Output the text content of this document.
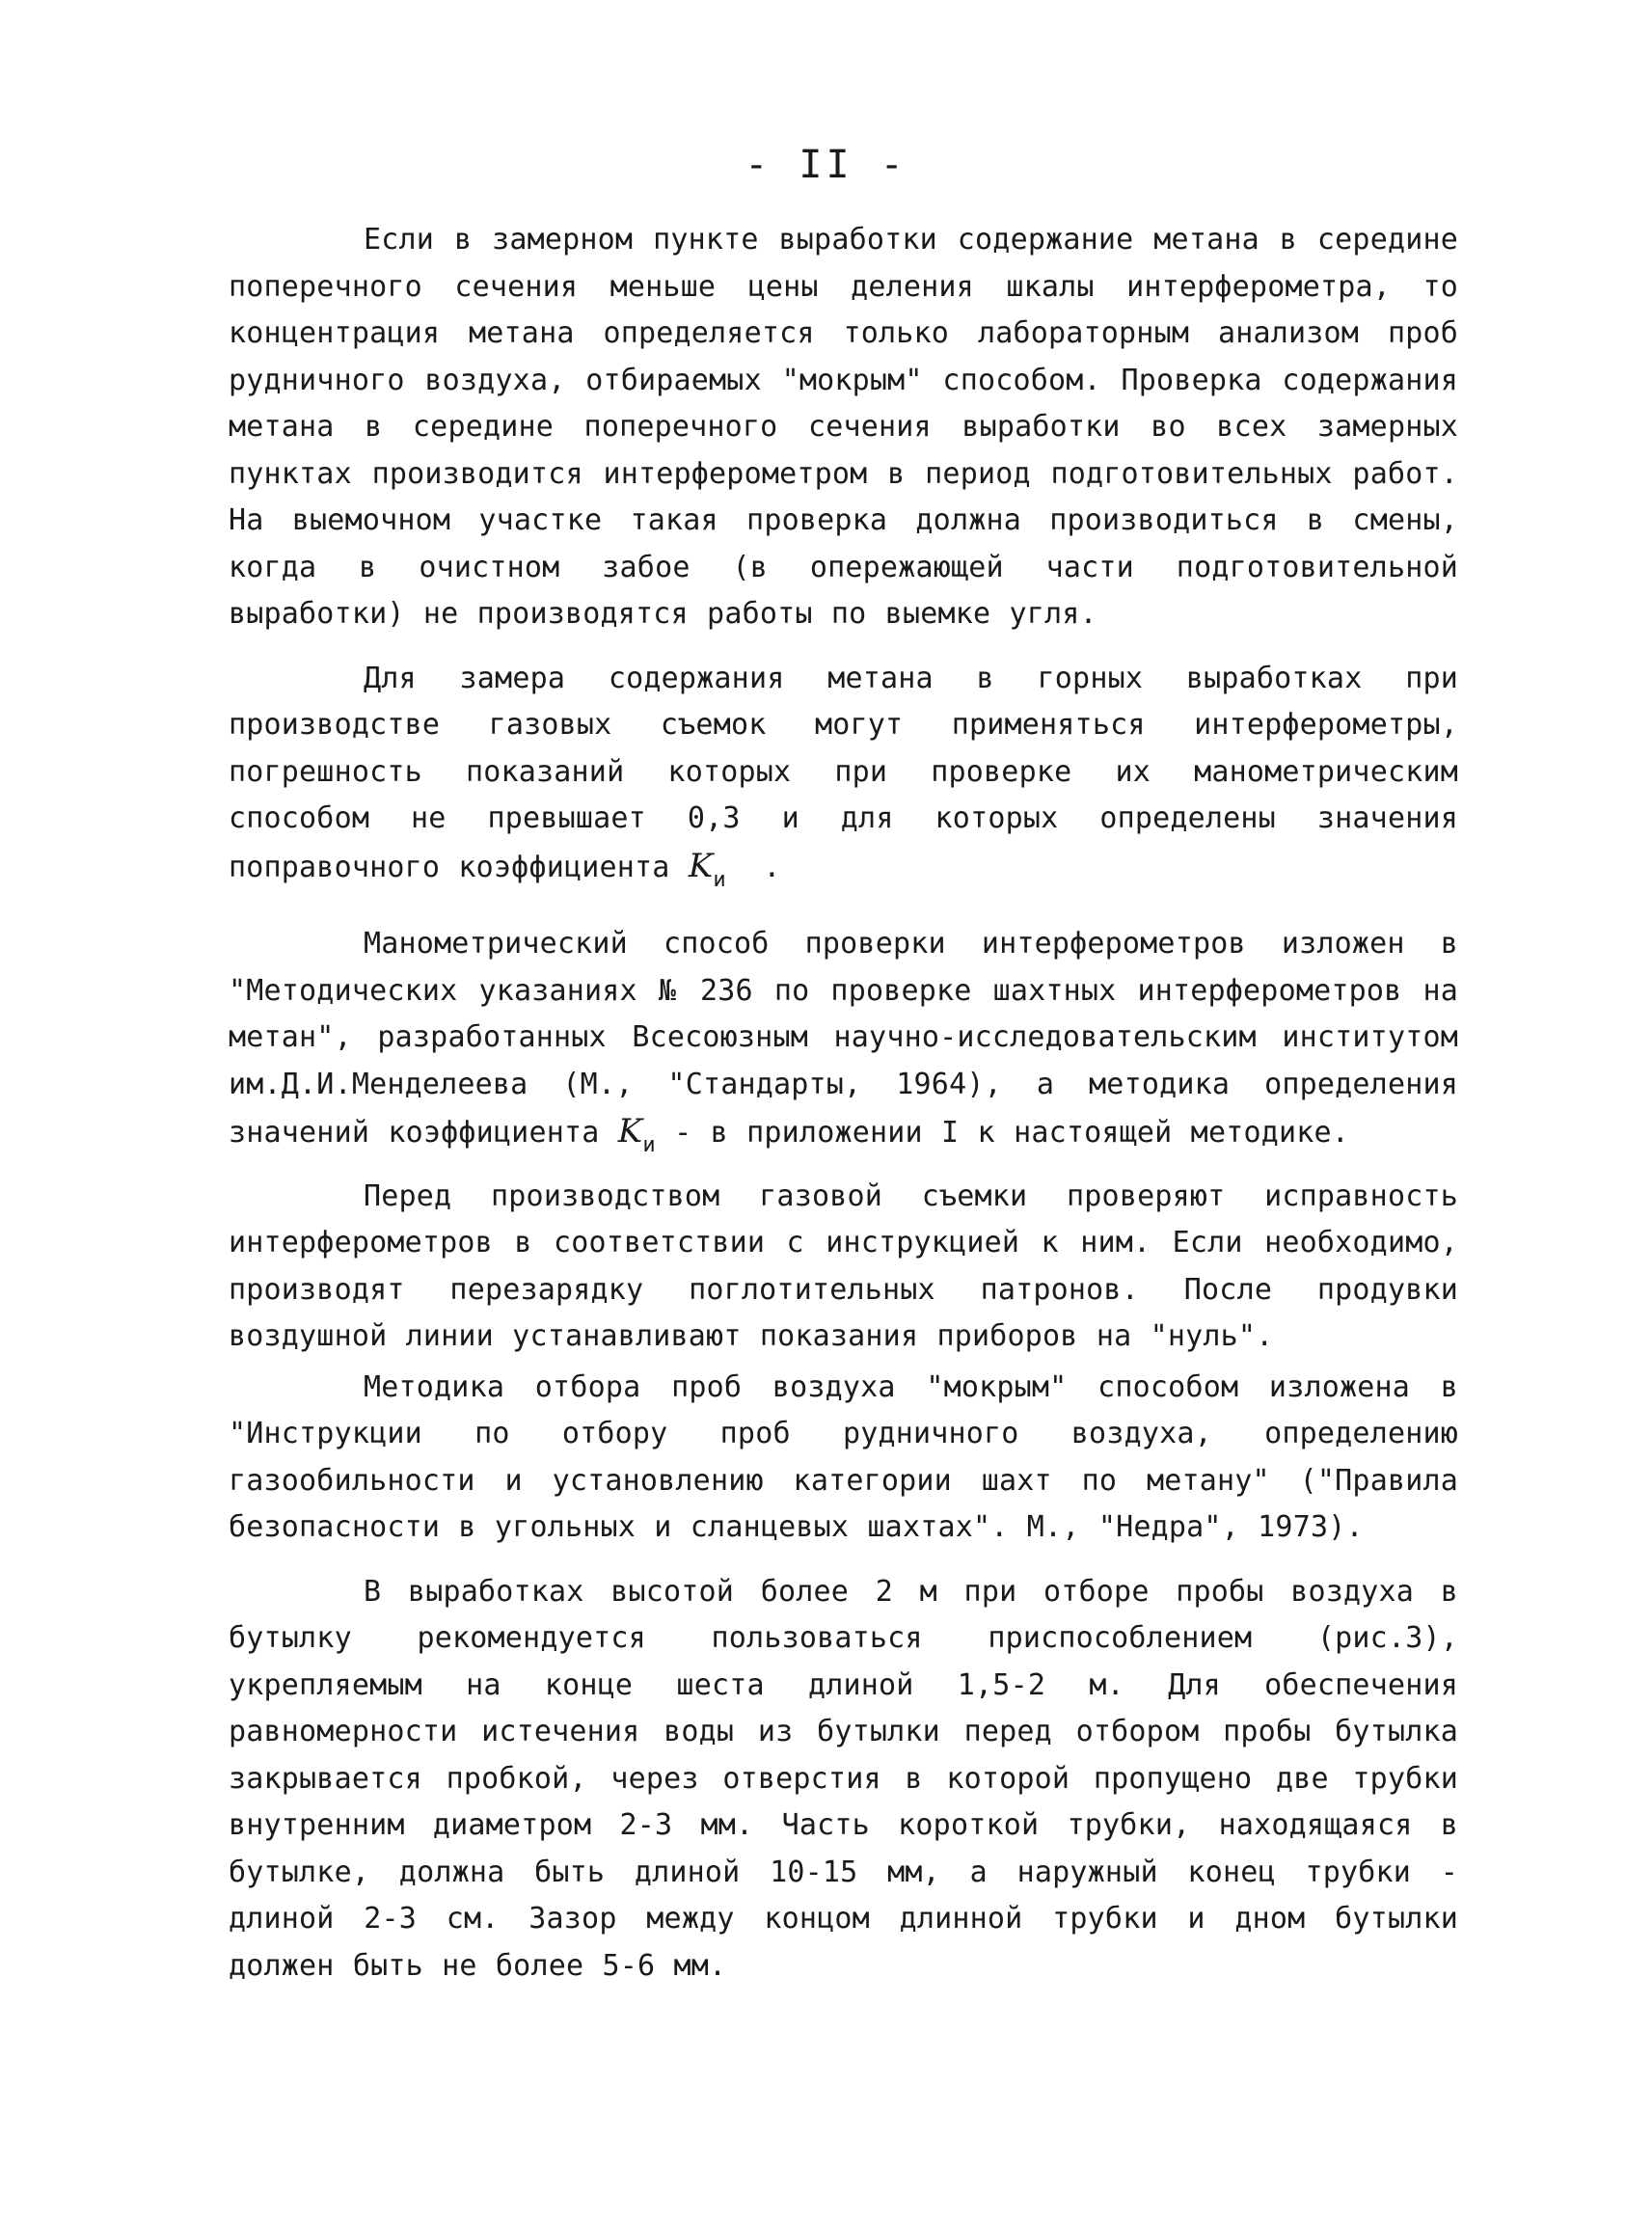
- II -

Если в замерном пункте выработки содержание метана в середине поперечного сечения меньше цены деления шкалы интерферометра, то концентрация метана определяется только лабораторным анализом проб рудничного воздуха, отбираемых "мокрым" способом. Проверка содержания метана в середине поперечного сечения выработки во всех замерных пунктах производится интерферометром в период подготовительных работ. На выемочном участке такая проверка должна производиться в смены, когда в очистном забое (в опережающей части подготовительной выработки) не производятся работы по выемке угля.

Для замера содержания метана в горных выработках при производстве газовых съемок могут применяться интерферометры, погрешность показаний которых при проверке их манометрическим способом не превышает 0,3 и для которых определены значения поправочного коэффициента $K_и$ .

Манометрический способ проверки интерферометров изложен в "Методических указаниях № 236 по проверке шахтных интерферометров на метан", разработанных Всесоюзным научно-исследовательским институтом им.Д.И.Менделеева (М., "Стандарты, 1964), а методика определения значений коэффициента $K_и$ - в приложении I к настоящей методике.

Перед производством газовой съемки проверяют исправность интерферометров в соответствии с инструкцией к ним. Если необходимо, производят перезарядку поглотительных патронов. После продувки воздушной линии устанавливают показания приборов на "нуль".

Методика отбора проб воздуха "мокрым" способом изложена в "Инструкции по отбору проб рудничного воздуха, определению газообильности и установлению категории шахт по метану" ("Правила безопасности в угольных и сланцевых шахтах". М., "Недра", 1973).

В выработках высотой более 2 м при отборе пробы воздуха в бутылку рекомендуется пользоваться приспособлением (рис.3), укрепляемым на конце шеста длиной 1,5-2 м. Для обеспечения равномерности истечения воды из бутылки перед отбором пробы бутылка закрывается пробкой, через отверстия в которой пропущено две трубки внутренним диаметром 2-3 мм. Часть короткой трубки, находящаяся в бутылке, должна быть длиной 10-15 мм, а наружный конец трубки - длиной 2-3 см. Зазор между концом длинной трубки и дном бутылки должен быть не более 5-6 мм.
